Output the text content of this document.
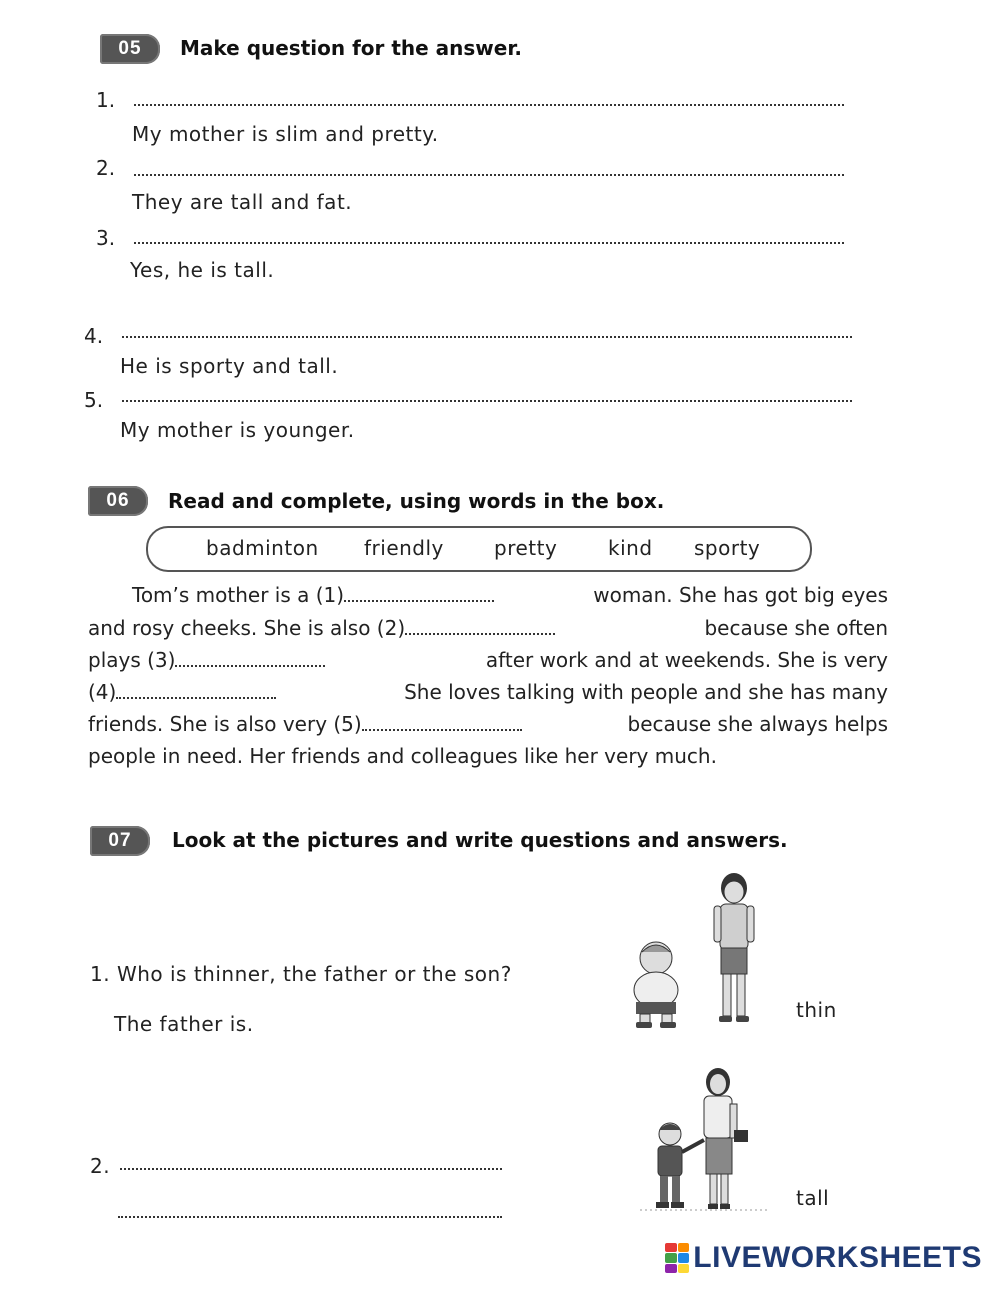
05	Make question for the answer.
1.
My mother is slim and pretty.
2.
They are tall and fat.
3.
Yes, he is tall.
4.
He is sporty and tall.
5.
My mother is younger.
06	Read and complete, using words in the box.
badminton friendly	pretty	kind sporty
Tom’s mother is a (1)	woman. She has got big eyes
and rosy cheeks. She is also (2)	because she often
plays (3)	after work and at weekends. She is very
(4)	She loves talking with people and she has many
friends. She is also very (5)	because she always helps
people in need. Her friends and colleagues like her very much.
07	Look at the pictures and write questions and answers.
1. Who is thinner, the father or the son?
The father is.
thin
2.
tall
LIVEWORKSHEETS
